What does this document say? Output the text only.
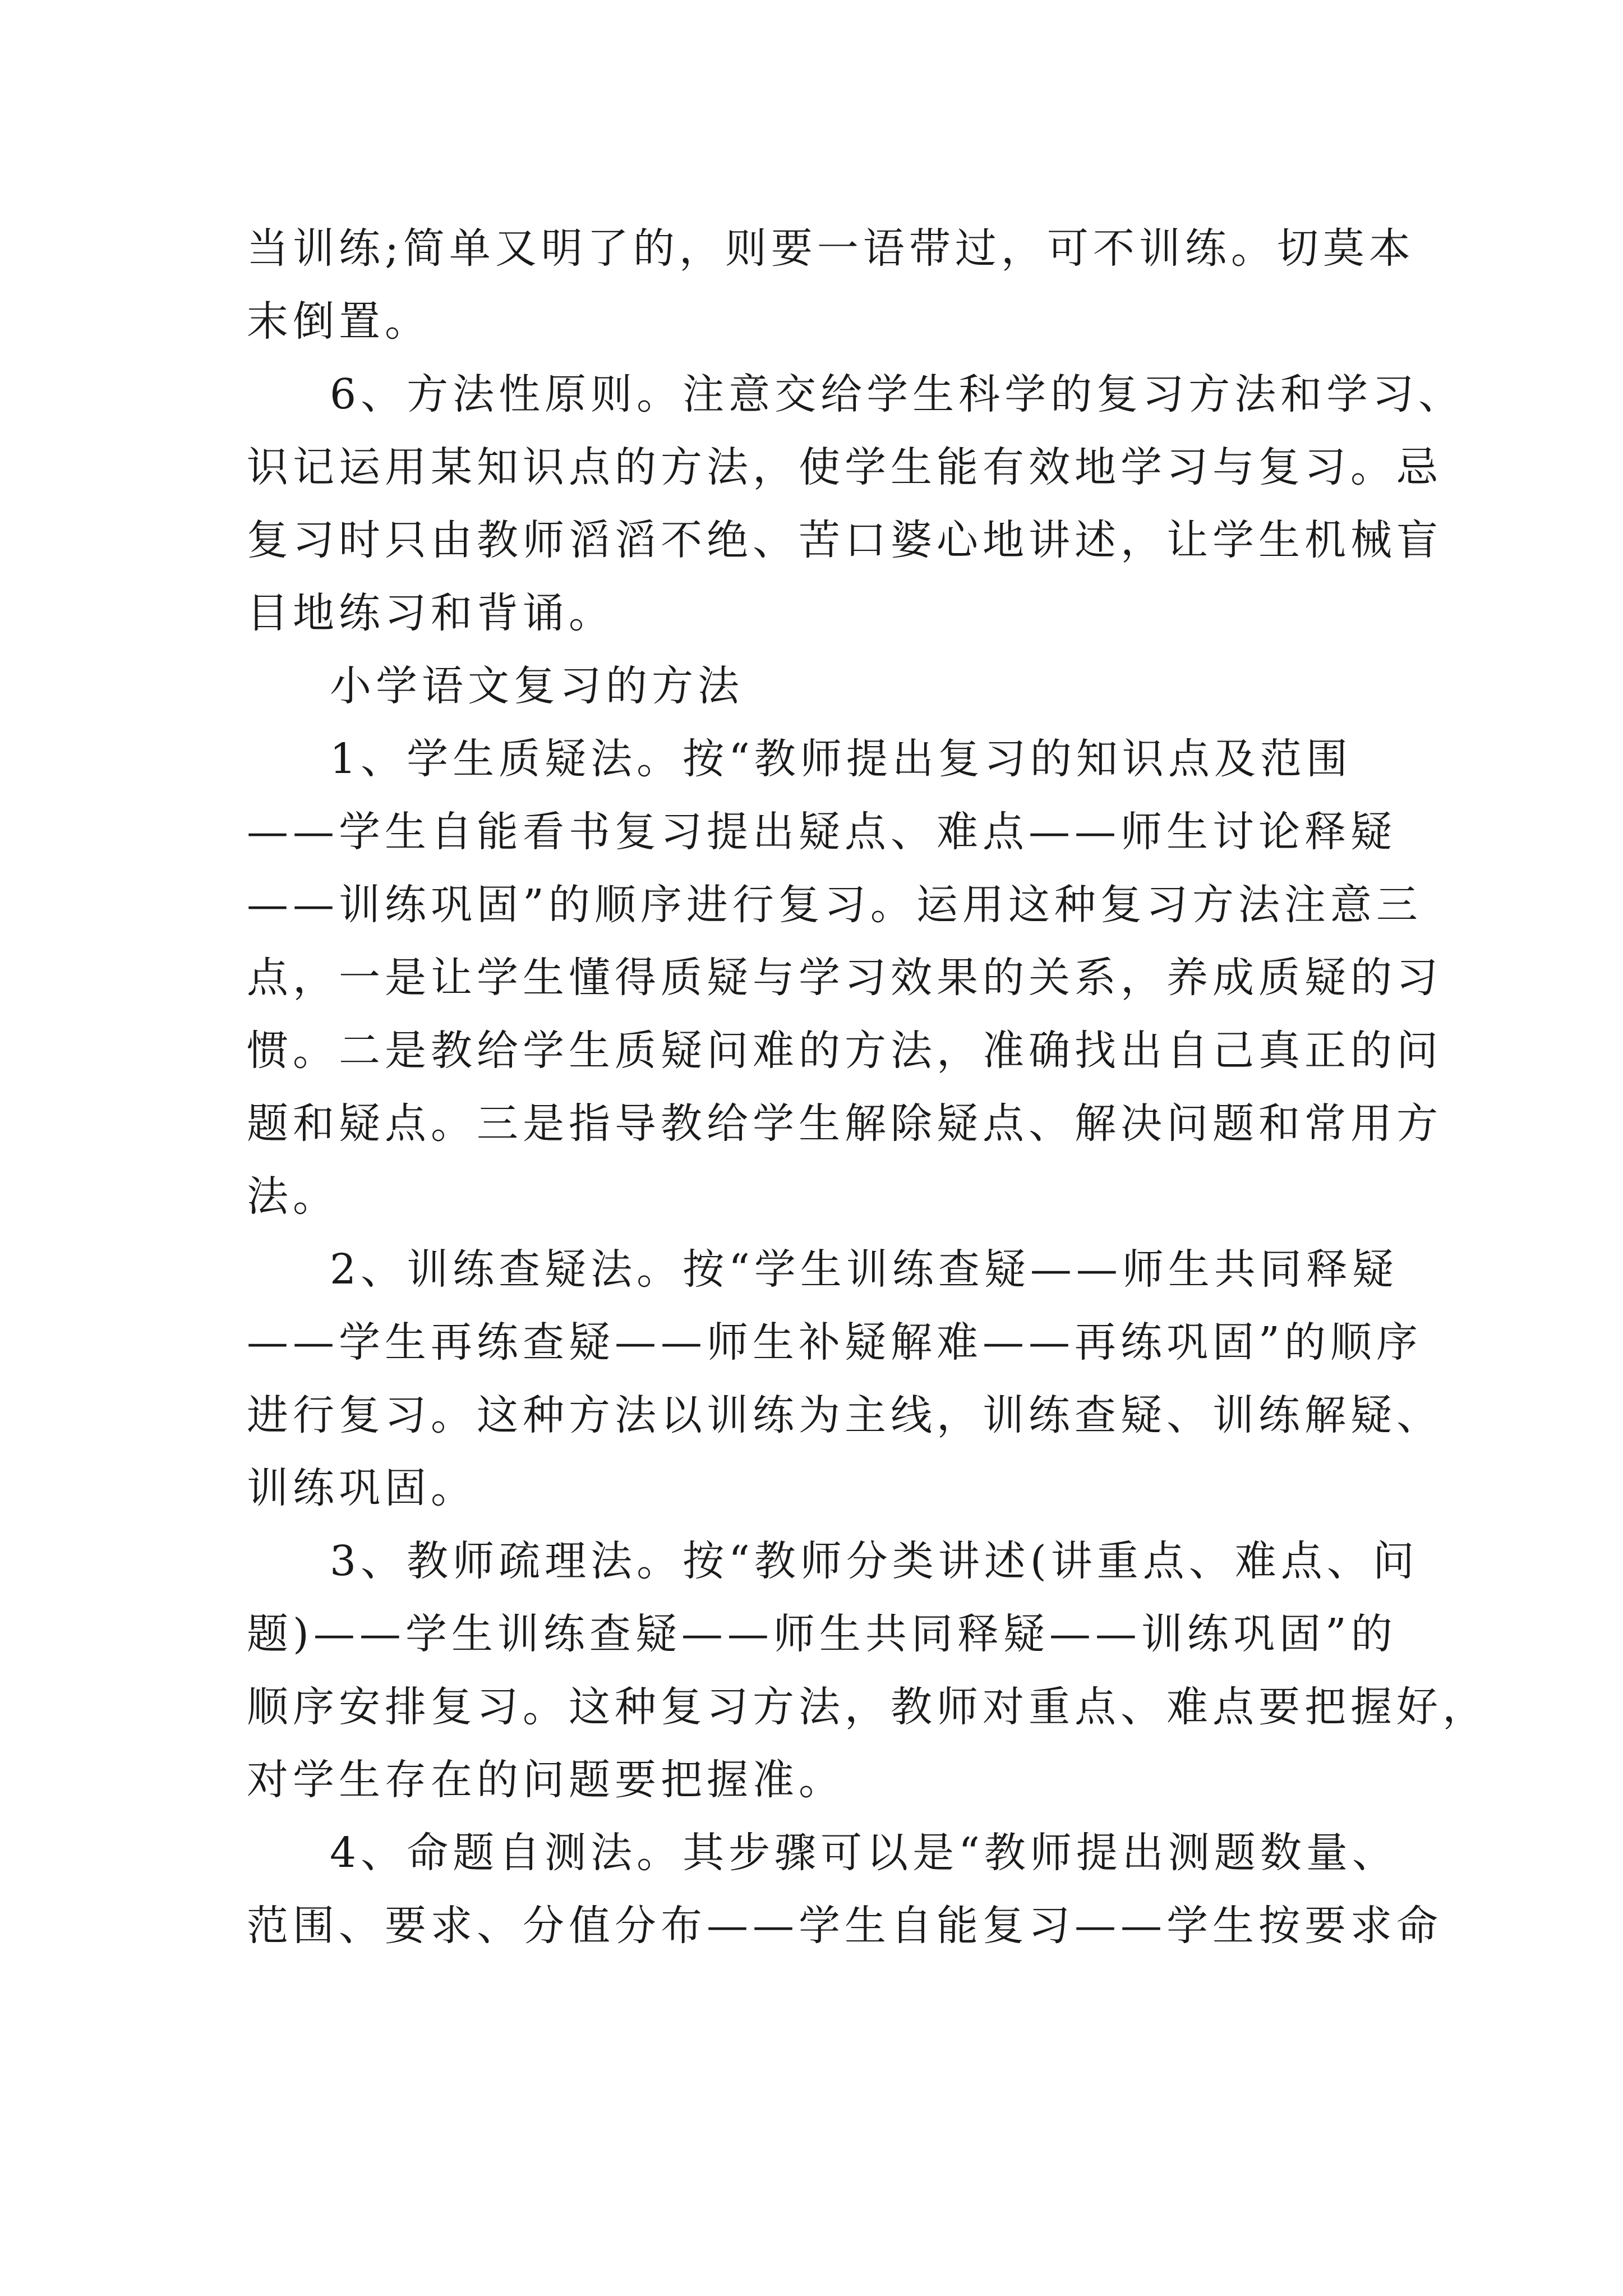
当训练;简单又明了的，则要一语带过，可不训练。切莫本
末倒置。
6、方法性原则。注意交给学生科学的复习方法和学习、
识记运用某知识点的方法，使学生能有效地学习与复习。忌
复习时只由教师滔滔不绝、苦口婆心地讲述，让学生机械盲
目地练习和背诵。
小学语文复习的方法
1、学生质疑法。按“教师提出复习的知识点及范围
——学生自能看书复习提出疑点、难点——师生讨论释疑
——训练巩固”的顺序进行复习。运用这种复习方法注意三
点，一是让学生懂得质疑与学习效果的关系，养成质疑的习
惯。二是教给学生质疑问难的方法，准确找出自己真正的问
题和疑点。三是指导教给学生解除疑点、解决问题和常用方
法。
2、训练查疑法。按“学生训练查疑——师生共同释疑
——学生再练查疑——师生补疑解难——再练巩固”的顺序
进行复习。这种方法以训练为主线，训练查疑、训练解疑、
训练巩固。
3、教师疏理法。按“教师分类讲述(讲重点、难点、问
题)——学生训练查疑——师生共同释疑——训练巩固”的
顺序安排复习。这种复习方法，教师对重点、难点要把握好，
对学生存在的问题要把握准。
4、命题自测法。其步骤可以是“教师提出测题数量、
范围、要求、分值分布——学生自能复习——学生按要求命
